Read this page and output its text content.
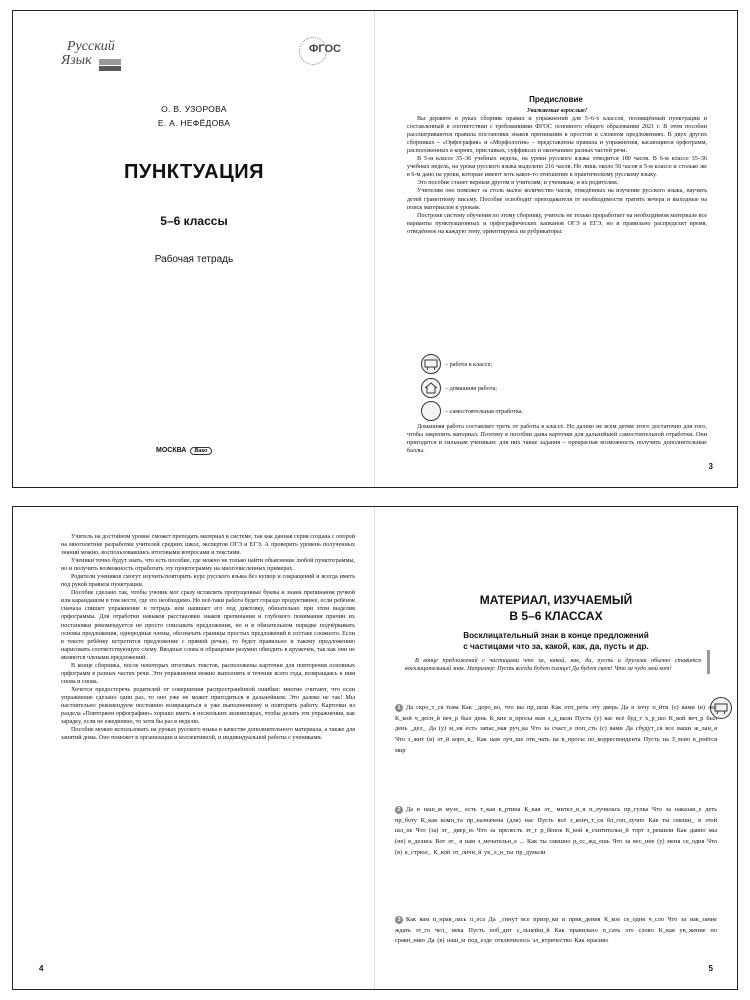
Русский
Язык
ФГОС
О. В. УЗОРОВА
Е. А. НЕФЁДОВА
ПУНКТУАЦИЯ
5–6 классы
Рабочая тетрадь
МОСКВА Вако
Предисловие

Уважаемые взрослые!

Вы держите в руках сборник правил и упражнений для 5–6-х классов, посвящённый пунктуации и составленный в соответствии с требованиями ФГОС основного общего образования 2021 г. В этом пособии рассматриваются правила постановки знаков препинания в простом и сложном предложениях. В двух других сборниках – «Орфография» и «Морфология» – представлены правила и упражнения, касающиеся орфограмм, расположенных в корнях, приставках, суффиксах и окончаниях разных частей речи.

В 5-м классе 35–36 учебных недель, на уроки русского языка отводится 180 часов. В 6-м классе 35–36 учебных недель, на уроки русского языка выделено 216 часов. Но лишь около 50 часов в 5-м классе и столько же в 6-м дано на уроки, которые имеют хоть какое-то отношение к практическому русскому языку.

Это пособие станет верным другом и учителям, и ученикам, и их родителям.

Учителям оно поможет за столь малое количество часов, отведённых на изучение русского языка, научить детей грамотному письму. Пособие освободит преподавателя от необходимости тратить вечера и выходные на поиск материалов к урокам.

Построив систему обучения по этому сборнику, учитель не только проработает на необходимом материале все варианты пунктуационных и орфографических капканов ОГЭ и ЕГЭ, но и правильно распределит время, отведённое на каждую тему, ориентируясь на рубрикаторы:

– работа в классе;
– домашняя работа;
– самостоятельная отработка.

Домашняя работа составляет треть от работы в классе. Но далеко не всем детям этого достаточно для того, чтобы закрепить материал. Поэтому в пособии даны карточки для дальнейшей самостоятельной отработки. Они пригодятся и сильным ученикам: для них такие задания – прекрасная возможность получить дополнительные баллы.

3

Учитель на достойном уровне сможет преподать материал в системе, так как данная серия создана с опорой на многолетние разработки учителей средних школ, экспертов ОГЭ и ЕГЭ. А проверить уровень полученных знаний можно, воспользовавшись итоговыми вопросами и текстами.

Ученики точно будут знать, что есть пособие, где можно не только найти объяснение любой пунктограммы, но и получить возможность отработать эту пунктограмму на многочисленных примерах.

Родители учеников смогут изучить/повторить курс русского языка без купюр и сокращений и всегда иметь под рукой правила пунктуации.

Пособие сделано так, чтобы ученик мог сразу вставлять пропущенные буквы и знаки препинания ручкой или карандашом в том месте, где это необходимо. Но всё-таки работа будет гораздо продуктивнее, если ребёнок сначала спишет упражнение в тетрадь или напишет его под диктовку, обязательно при этом выделив орфограммы. Для отработки навыков расстановки знаков препинания и глубокого понимания причин их постановки рекомендуется не просто списывать предложения, но и в обязательном порядке подчёркивать основы предложения, однородные члены, обозначать границы простых предложений в составе сложного. Если в тексте ребёнку встретится предложение с прямой речью, то будет правильно и такому предложению нарисовать соответствующую схему. Вводные слова и обращения разумно обводить в кружочек, так как они не являются членами предложений.

В конце сборника, после некоторых итоговых текстов, расположены карточки для повторения основных орфограмм в разных частях речи. Эти упражнения можно выполнять в течение всего года, возвращаясь к ним снова и снова.

Хочется предостеречь родителей от совершения распространённой ошибки: многие считают, что если упражнение сделано один раз, то оно уже не может пригодиться в дальнейшем. Это далеко не так! Мы настоятельно рекомендуем постоянно возвращаться к уже выполненному и повторять работу. Карточки из раздела «Повторяем орфографию» хорошо иметь в нескольких экземплярах, чтобы делать эти упражнения, как зарядку, если не ежедневно, то хотя бы раз в неделю.

Пособие можно использовать на уроках русского языка в качестве дополнительного материала, а также для занятий дома. Оно поможет в организации и коллективной, и индивидуальной работы с учениками.

4
МАТЕРИАЛ, ИЗУЧАЕМЫЙ
В 5–6 КЛАССАХ
Восклицательный знак в конце предложений
с частицами что за, какой, как, да, пусть и др.

В конце предложений с частицами что за, какой, как, да, пусть и другими обычно ставится восклицательный знак. Например: Пусть всегда будет солнце! Да будет свет! Что за чудо мой кот!

1 Да скро_т_ся тьма Как _доро_во, что вы пр_шли Как отп_реть эту дверь Да я хочу п_йти (с) вами (в) лес К_кой ч_десн_й веч_р был день К_кие в_просы вам з_д_вали Пусть (у) вас всё буд_т х_р_шо К_кой веч_р был день _дел_ Да (у) м_ня есть запас_ная руч_ка Что за счаст_е поп_сть (с) вами Да сбудут_ся все ваши ж_лан_я Что з_жит (в) эт_й коро_к_ Как нам луч_ше отв_чать на в_просы по_корреспондента Пусть на З_млю в_рнётся мир
2 Да в наш_м музе_ есть т_кая к_ртина К_кая эт_ мител_н_я п_лучилась пр_гулка Что за наказан_е деть пр_боту К_кая комн_та пр_назначена (для) нас Пусть всё з_конч_т_ся бл_гоп_лучно Как ты смешн_ в этой шл_пе Что (за) эт_ двер_ю Что за прелесть эт_т р_бёнок К_кой в_схитительн_й торт з_решили Как давно мы (не) в_делись Вот эт_ я нам з_мечательн_е ... Как ты смешно р_сс_жд_ешь Что за вес_нне (у) меня се_одня Что (в) к_стрюл_ К_кой от_личн_й ук_л_н_ты пр_думали
3 Как вам п_нрав_лась п_еса Да _гинут все призр_ки и прив_дения К_кое се_одня ч_сло Что за нак_зание ждать эт_го чел_ века Пусть поб_дит с_льнейш_й Как правильно п_сать это слово К_кая ув_жение по сравн_нию Да (в) наш_м под_езде отключилось эл_ктричество Как красиво
5
